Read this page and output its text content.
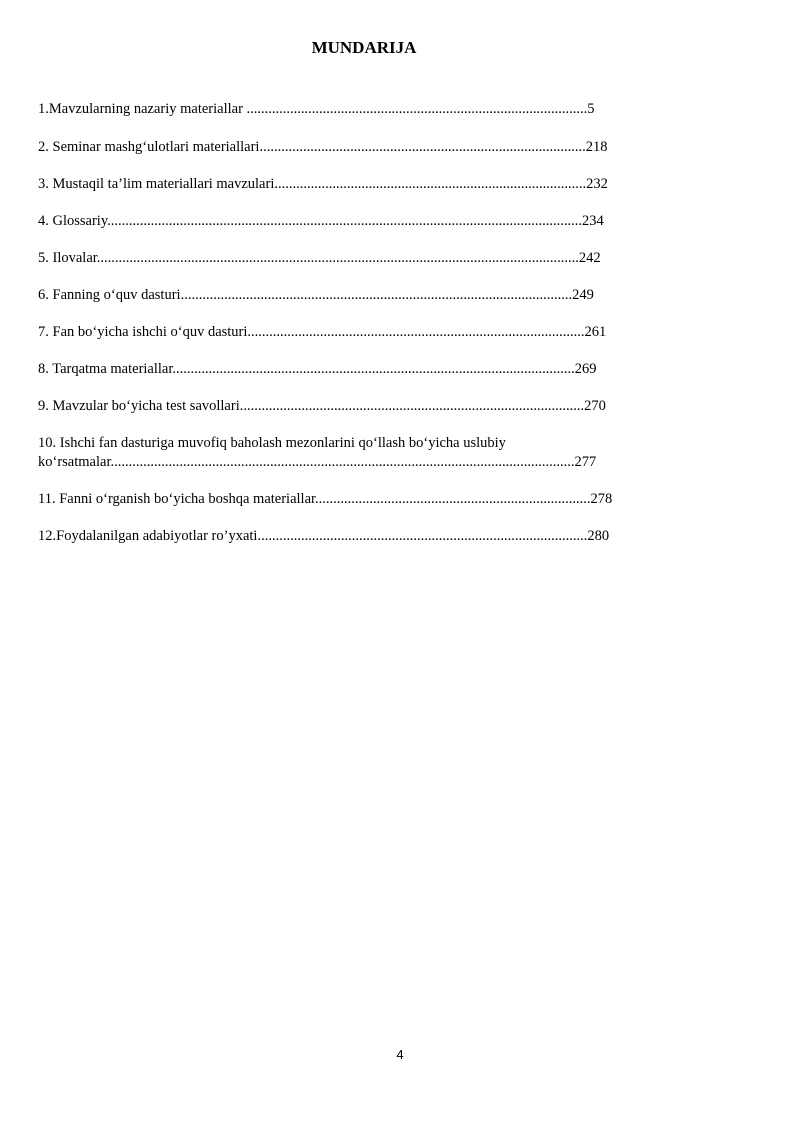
MUNDARIJA
1.Mavzularning nazariy materiallar ..............................................................................................5
2. Seminar mashg‘ulotlari materiallari..........................................................................................218
3. Mustaqil ta’lim materiallari mavzulari......................................................................................232
4. Glossariy...................................................................................................................................234
5. Ilovalar.....................................................................................................................................242
6. Fanning o‘quv dasturi............................................................................................................249
7. Fan bo‘yicha ishchi o‘quv dasturi.............................................................................................261
8. Tarqatma materiallar...............................................................................................................269
9. Mavzular bo‘yicha test savollari...............................................................................................270
10. Ishchi fan dasturiga muvofiq baholash mezonlarini qo‘llash bo‘yicha uslubiy
ko‘rsatmalar................................................................................................................................277
11. Fanni o‘rganish bo‘yicha boshqa materiallar............................................................................278
12.Foydalanilgan adabiyotlar ro’yxati...........................................................................................280
4
